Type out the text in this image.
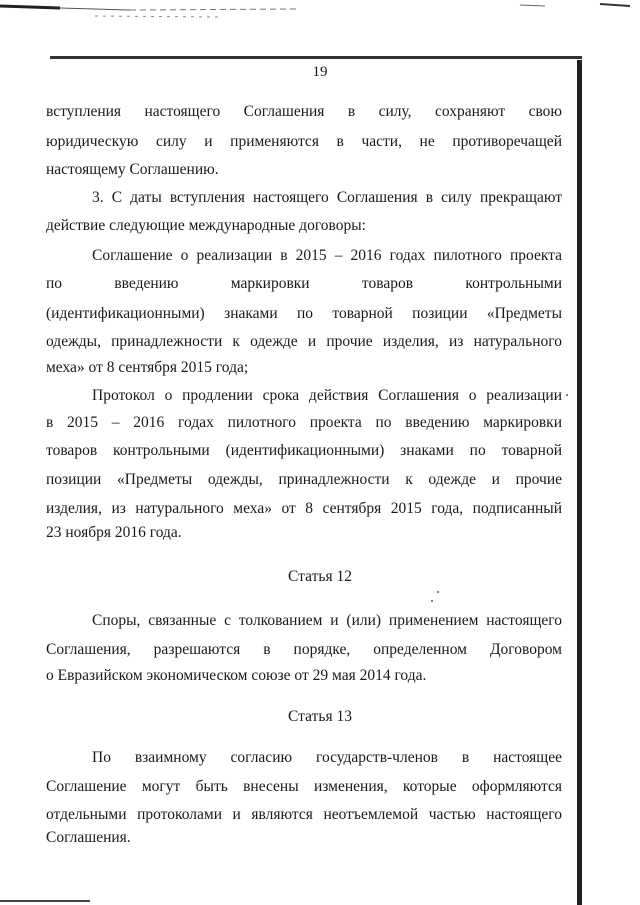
19
вступления настоящего Соглашения в силу, сохраняют свою
юридическую силу и применяются в части, не противоречащей
настоящему Соглашению.
3. С даты вступления настоящего Соглашения в силу прекращают
действие следующие международные договоры:
Соглашение о реализации в 2015 – 2016 годах пилотного проекта
по введению маркировки товаров контрольными
(идентификационными) знаками по товарной позиции «Предметы
одежды, принадлежности к одежде и прочие изделия, из натурального
меха» от 8 сентября 2015 года;
Протокол о продлении срока действия Соглашения о реализации
в 2015 – 2016 годах пилотного проекта по введению маркировки
товаров контрольными (идентификационными) знаками по товарной
позиции «Предметы одежды, принадлежности к одежде и прочие
изделия, из натурального меха» от 8 сентября 2015 года, подписанный
23 ноября 2016 года.
Статья 12
Споры, связанные с толкованием и (или) применением настоящего
Соглашения, разрешаются в порядке, определенном Договором
о Евразийском экономическом союзе от 29 мая 2014 года.
Статья 13
По взаимному согласию государств-членов в настоящее
Соглашение могут быть внесены изменения, которые оформляются
отдельными протоколами и являются неотъемлемой частью настоящего
Соглашения.
